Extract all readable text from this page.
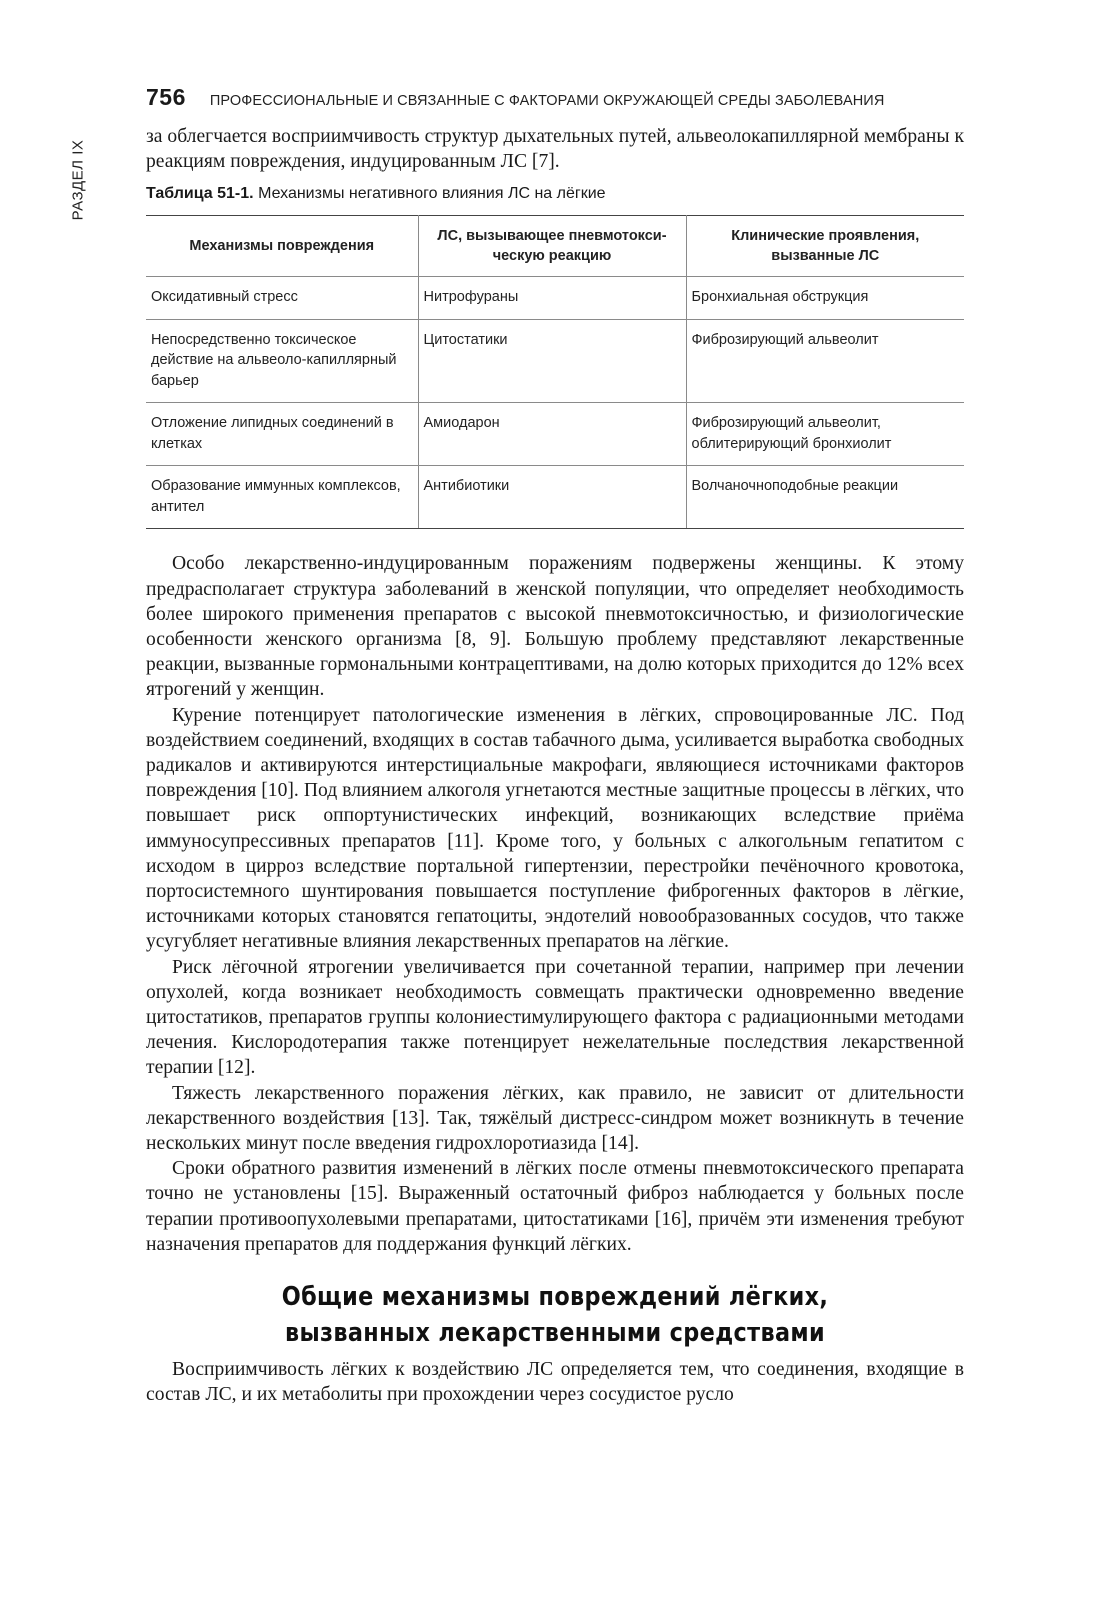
РАЗДЕЛ IX
756 ПРОФЕССИОНАЛЬНЫЕ И СВЯЗАННЫЕ С ФАКТОРАМИ ОКРУЖАЮЩЕЙ СРЕДЫ ЗАБОЛЕВАНИЯ

за облегчается восприимчивость структур дыхательных путей, альвеолокапиллярной мембраны к реакциям повреждения, индуцированным ЛС [7].

Таблица 51-1. Механизмы негативного влияния ЛС на лёгкие
Механизмы повреждения	ЛС, вызывающее пневмотоксическую реакцию	Клинические проявления, вызванные ЛС
Оксидативный стресс	Нитрофураны	Бронхиальная обструкция
Непосредственно токсическое действие на альвеоло-капиллярный барьер	Цитостатики	Фиброзирующий альвеолит
Отложение липидных соединений в клетках	Амиодарон	Фиброзирующий альвеолит, облитерирующий бронхиолит
Образование иммунных комплексов, антител	Антибиотики	Волчаночноподобные реакции

Особо лекарственно-индуцированным поражениям подвержены женщины. К этому предрасполагает структура заболеваний в женской популяции, что определяет необходимость более широкого применения препаратов с высокой пневмотоксичностью, и физиологические особенности женского организма [8, 9]. Большую проблему представляют лекарственные реакции, вызванные гормональными контрацептивами, на долю которых приходится до 12% всех ятрогений у женщин.

Курение потенцирует патологические изменения в лёгких, спровоцированные ЛС. Под воздействием соединений, входящих в состав табачного дыма, усиливается выработка свободных радикалов и активируются интерстициальные макрофаги, являющиеся источниками факторов повреждения [10]. Под влиянием алкоголя угнетаются местные защитные процессы в лёгких, что повышает риск оппортунистических инфекций, возникающих вследствие приёма иммуносупрессивных препаратов [11]. Кроме того, у больных с алкогольным гепатитом с исходом в цирроз вследствие портальной гипертензии, перестройки печёночного кровотока, портосистемного шунтирования повышается поступление фиброгенных факторов в лёгкие, источниками которых становятся гепатоциты, эндотелий новообразованных сосудов, что также усугубляет негативные влияния лекарственных препаратов на лёгкие.

Риск лёгочной ятрогении увеличивается при сочетанной терапии, например при лечении опухолей, когда возникает необходимость совмещать практически одновременно введение цитостатиков, препаратов группы колониестимулирующего фактора с радиационными методами лечения. Кислородотерапия также потенцирует нежелательные последствия лекарственной терапии [12].

Тяжесть лекарственного поражения лёгких, как правило, не зависит от длительности лекарственного воздействия [13]. Так, тяжёлый дистресс-синдром может возникнуть в течение нескольких минут после введения гидрохлоротиазида [14].

Сроки обратного развития изменений в лёгких после отмены пневмотоксического препарата точно не установлены [15]. Выраженный остаточный фиброз наблюдается у больных после терапии противоопухолевыми препаратами, цитостатиками [16], причём эти изменения требуют назначения препаратов для поддержания функций лёгких.

Общие механизмы повреждений лёгких,
вызванных лекарственными средствами

Восприимчивость лёгких к воздействию ЛС определяется тем, что соединения, входящие в состав ЛС, и их метаболиты при прохождении через сосудистое русло
